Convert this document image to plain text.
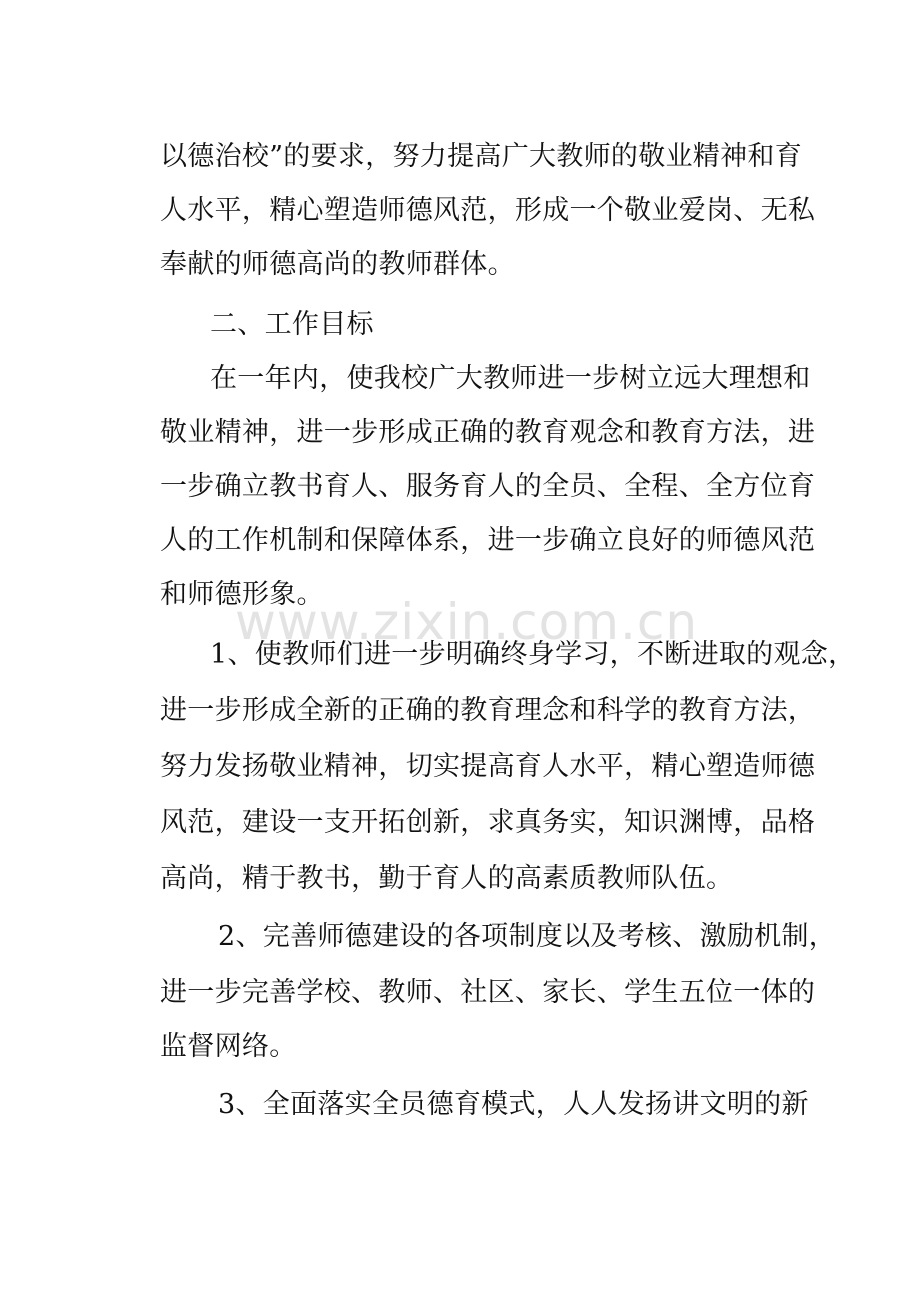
www.zixin.com.cn
以德治校”的要求，努力提高广大教师的敬业精神和育
人水平，精心塑造师德风范，形成一个敬业爱岗、无私
奉献的师德高尚的教师群体。
二、工作目标
在一年内，使我校广大教师进一步树立远大理想和
敬业精神，进一步形成正确的教育观念和教育方法，进
一步确立教书育人、服务育人的全员、全程、全方位育
人的工作机制和保障体系，进一步确立良好的师德风范
和师德形象。
1、使教师们进一步明确终身学习，不断进取的观念，
进一步形成全新的正确的教育理念和科学的教育方法，
努力发扬敬业精神，切实提高育人水平，精心塑造师德
风范，建设一支开拓创新，求真务实，知识渊博，品格
高尚，精于教书，勤于育人的高素质教师队伍。
2、完善师德建设的各项制度以及考核、激励机制，
进一步完善学校、教师、社区、家长、学生五位一体的
监督网络。
3、全面落实全员德育模式，人人发扬讲文明的新
